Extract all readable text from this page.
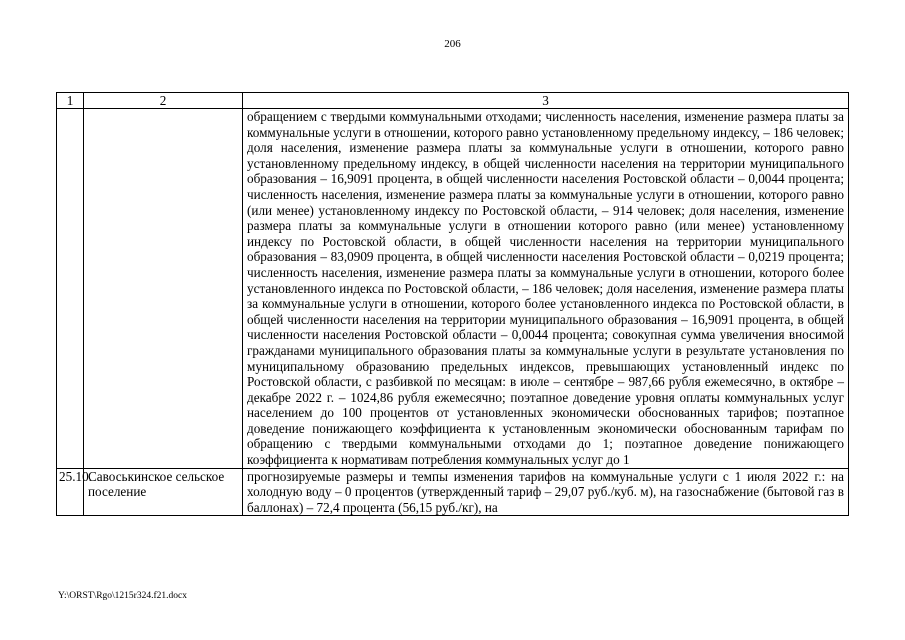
206
1	2	3
		обращением с твердыми коммунальными отходами; численность населения, изменение размера платы за коммунальные услуги в отношении, которого равно установленному предельному индексу, – 186 человек; доля населения, изменение размера платы за коммунальные услуги в отношении, которого равно установленному предельному индексу, в общей численности населения на территории муниципального образования – 16,9091 процента, в общей численности населения Ростовской области – 0,0044 процента; численность населения, изменение размера платы за коммунальные услуги в отношении, которого равно (или менее) установленному индексу по Ростовской области, – 914 человек; доля населения, изменение размера платы за коммунальные услуги в отношении которого равно (или менее) установленному индексу по Ростовской области, в общей численности населения на территории муниципального образования – 83,0909 процента, в общей численности населения Ростовской области – 0,0219 процента; численность населения, изменение размера платы за коммунальные услуги в отношении, которого более установленного индекса по Ростовской области, – 186 человек; доля населения, изменение размера платы за коммунальные услуги в отношении, которого более установленного индекса по Ростовской области, в общей численности населения на территории муниципального образования – 16,9091 процента, в общей численности населения Ростовской области – 0,0044 процента; совокупная сумма увеличения вносимой гражданами муниципального образования платы за коммунальные услуги в результате установления по муниципальному образованию предельных индексов, превышающих установленный индекс по Ростовской области, с разбивкой по месяцам: в июле – сентябре – 987,66 рубля ежемесячно, в октябре – декабре 2022 г. – 1024,86 рубля ежемесячно; поэтапное доведение уровня оплаты коммунальных услуг населением до 100 процентов от установленных экономически обоснованных тарифов; поэтапное доведение понижающего коэффициента к установленным экономически обоснованным тарифам по обращению с твердыми коммунальными отходами до 1; поэтапное доведение понижающего коэффициента к нормативам потребления коммунальных услуг до 1
25.10.	Савоськинское сельское поселение	прогнозируемые размеры и темпы изменения тарифов на коммунальные услуги с 1 июля 2022 г.: на холодную воду – 0 процентов (утвержденный тариф – 29,07 руб./куб. м), на газоснабжение (бытовой газ в баллонах) – 72,4 процента (56,15 руб./кг), на
Y:\ORST\Rgo\1215r324.f21.docx
